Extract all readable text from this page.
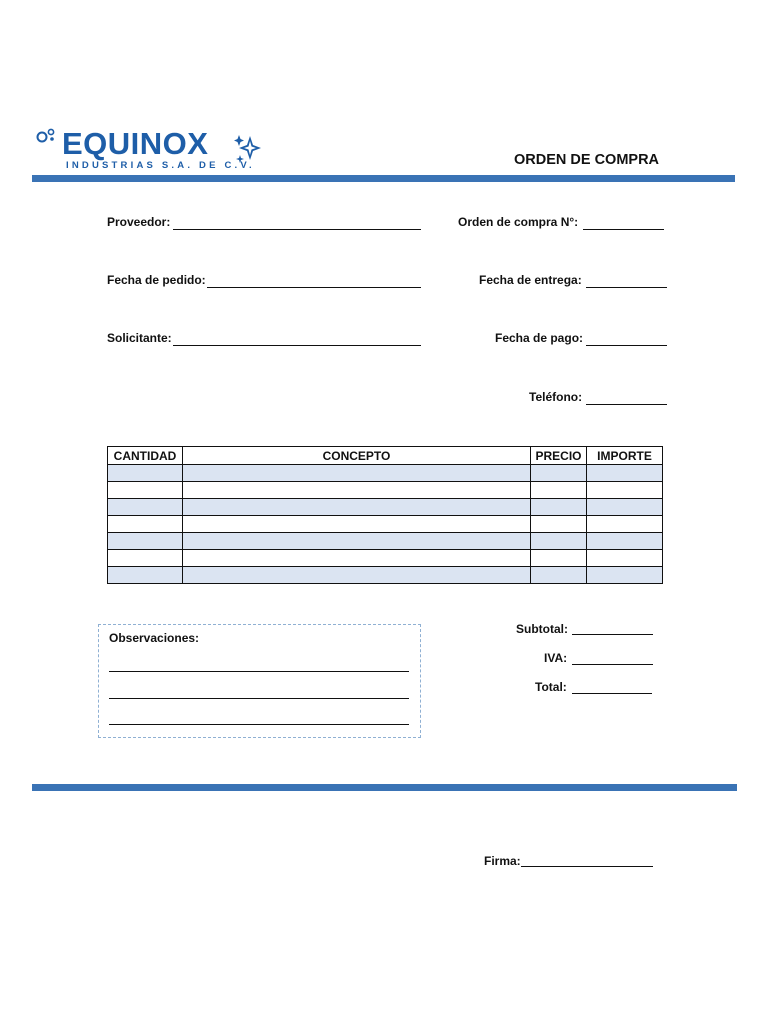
EQUINOX
INDUSTRIAS S.A. DE C.V.	ORDEN DE COMPRA
Proveedor:	Orden de compra N°:
Fecha de pedido:	Fecha de entrega:
Solicitante:	Fecha de pago:
Teléfono:
CANTIDAD	CONCEPTO	PRECIO	IMPORTE

Observaciones:
Subtotal:
IVA:
Total:
Firma:
